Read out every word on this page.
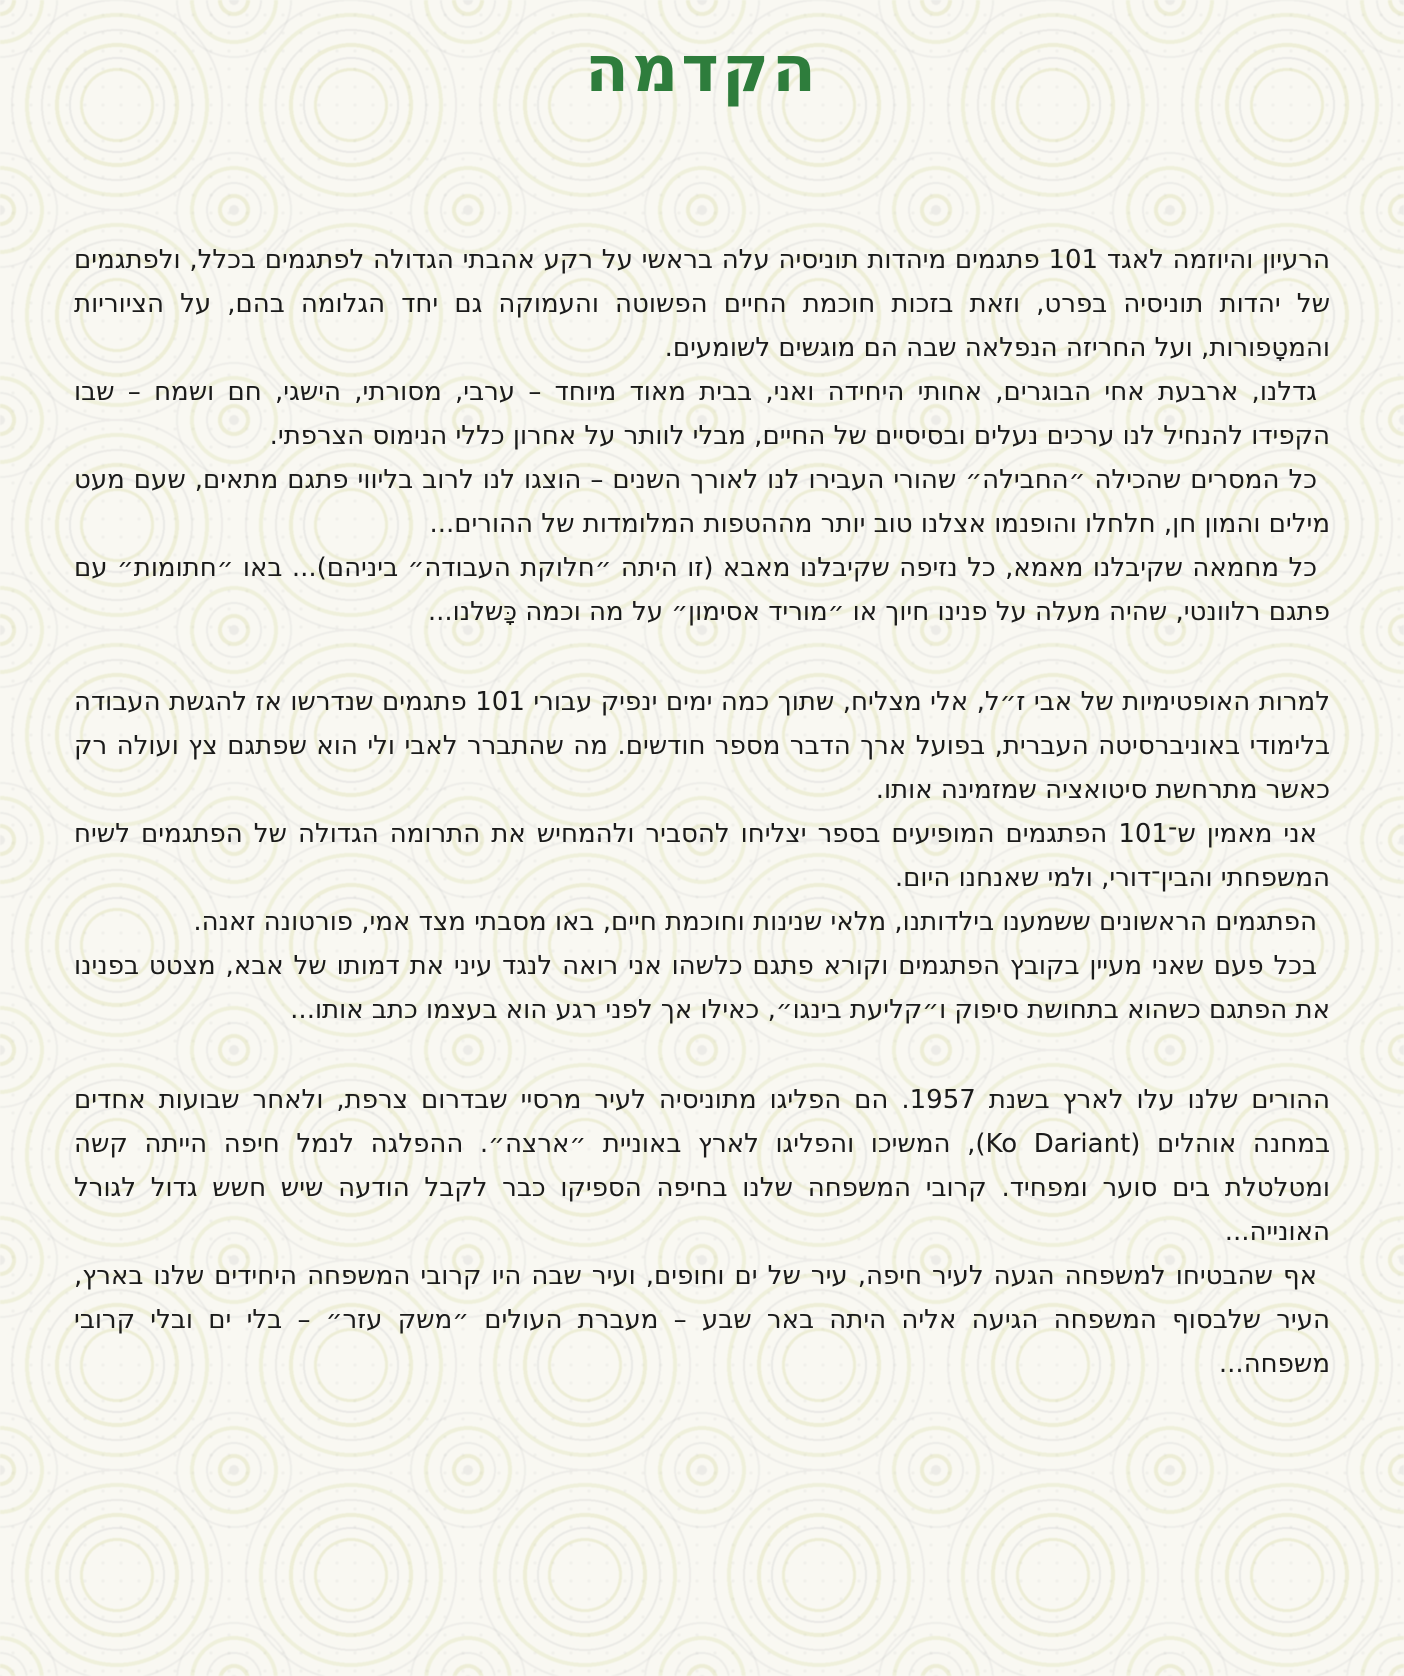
הקדמה

הרעיון והיוזמה לאגד 101 פתגמים מיהדות תוניסיה עלה בראשי על רקע אהבתי הגדולה לפתגמים בכלל, ולפתגמים של יהדות תוניסיה בפרט, וזאת בזכות חוכמת החיים הפשוטה והעמוקה גם יחד הגלומה בהם, על הציוריות והמטָפורות, ועל החריזה הנפלאה שבה הם מוגשים לשומעים.

גדלנו, ארבעת אחי הבוגרים, אחותי היחידה ואני, בבית מאוד מיוחד – ערבי, מסורתי, הישגי, חם ושמח – שבו הקפידו להנחיל לנו ערכים נעלים ובסיסיים של החיים, מבלי לוותר על אחרון כללי הנימוס הצרפתי.

כל המסרים שהכילה ״החבילה״ שהורי העבירו לנו לאורך השנים – הוצגו לנו לרוב בליווי פתגם מתאים, שעם מעט מילים והמון חן, חלחלו והופנמו אצלנו טוב יותר מההטפות המלומדות של ההורים...

כל מחמאה שקיבלנו מאמא, כל נזיפה שקיבלנו מאבא (זו היתה ״חלוקת העבודה״ ביניהם)... באו ״חתומות״ עם פתגם רלוונטי, שהיה מעלה על פנינו חיוך או ״מוריד אסימון״ על מה וכמה כָּשלנו...

למרות האופטימיות של אבי ז״ל, אלי מצליח, שתוך כמה ימים ינפיק עבורי 101 פתגמים שנדרשו אז להגשת העבודה בלימודי באוניברסיטה העברית, בפועל ארך הדבר מספר חודשים. מה שהתברר לאבי ולי הוא שפתגם צץ ועולה רק כאשר מתרחשת סיטואציה שמזמינה אותו.

אני מאמין ש־101 הפתגמים המופיעים בספר יצליחו להסביר ולהמחיש את התרומה הגדולה של הפתגמים לשיח המשפחתי והבין־דורי, ולמי שאנחנו היום.

הפתגמים הראשונים ששמענו בילדותנו, מלאי שנינות וחוכמת חיים, באו מסבתי מצד אמי, פורטונה זאנה.

בכל פעם שאני מעיין בקובץ הפתגמים וקורא פתגם כלשהו אני רואה לנגד עיני את דמותו של אבא, מצטט בפנינו את הפתגם כשהוא בתחושת סיפוק ו״קליעת בינגו״, כאילו אך לפני רגע הוא בעצמו כתב אותו...

ההורים שלנו עלו לארץ בשנת 1957. הם הפליגו מתוניסיה לעיר מרסיי שבדרום צרפת, ולאחר שבועות אחדים במחנה אוהלים (Ko Dariant), המשיכו והפליגו לארץ באוניית ״ארצה״. ההפלגה לנמל חיפה הייתה קשה ומטלטלת בים סוער ומפחיד. קרובי המשפחה שלנו בחיפה הספיקו כבר לקבל הודעה שיש חשש גדול לגורל האונייה...

אף שהבטיחו למשפחה הגעה לעיר חיפה, עיר של ים וחופים, ועיר שבה היו קרובי המשפחה היחידים שלנו בארץ, העיר שלבסוף המשפחה הגיעה אליה היתה באר שבע – מעברת העולים ״משק עזר״ – בלי ים ובלי קרובי משפחה...
